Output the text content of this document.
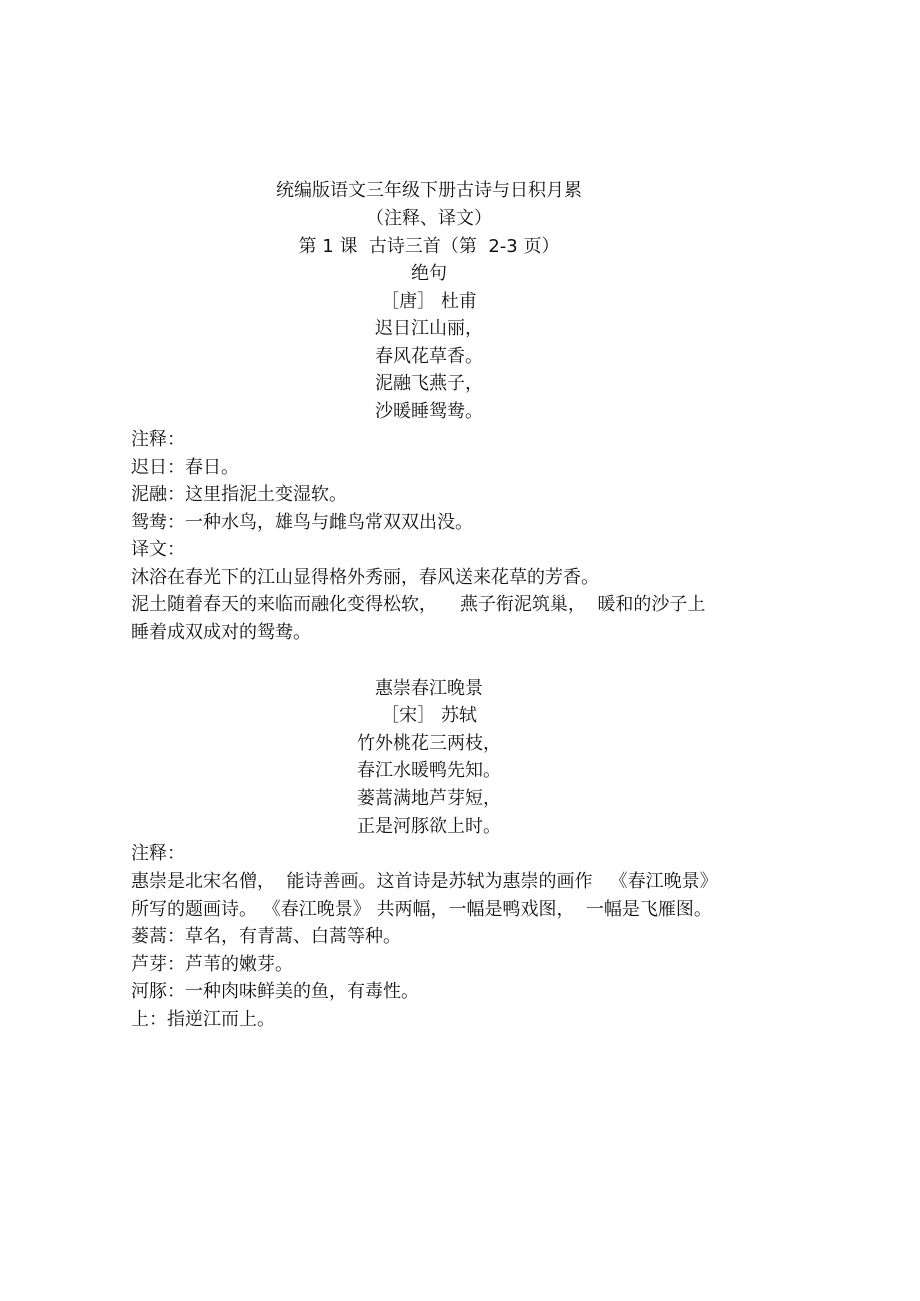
统编版语文三年级下册古诗与日积月累
（注释、译文）
第 1 课  古诗三首（第  2-3 页）
绝句
［唐］ 杜甫
迟日江山丽，
春风花草香。
泥融飞燕子，
沙暖睡鸳鸯。
注释：
迟日：春日。
泥融：这里指泥土变湿软。
鸳鸯：一种水鸟，雄鸟与雌鸟常双双出没。
译文：
沐浴在春光下的江山显得格外秀丽，春风送来花草的芳香。
泥土随着春天的来临而融化变得松软，    燕子衔泥筑巢，  暖和的沙子上
睡着成双成对的鸳鸯。
惠崇春江晚景
［宋］ 苏轼
竹外桃花三两枝，
春江水暖鸭先知。
蒌蒿满地芦芽短，
正是河豚欲上时。
注释：
惠崇是北宋名僧，  能诗善画。这首诗是苏轼为惠崇的画作   《春江晚景》
所写的题画诗。 《春江晚景》 共两幅，一幅是鸭戏图，  一幅是飞雁图。
蒌蒿：草名，有青蒿、白蒿等种。
芦芽：芦苇的嫩芽。
河豚：一种肉味鲜美的鱼，有毒性。
上：指逆江而上。
